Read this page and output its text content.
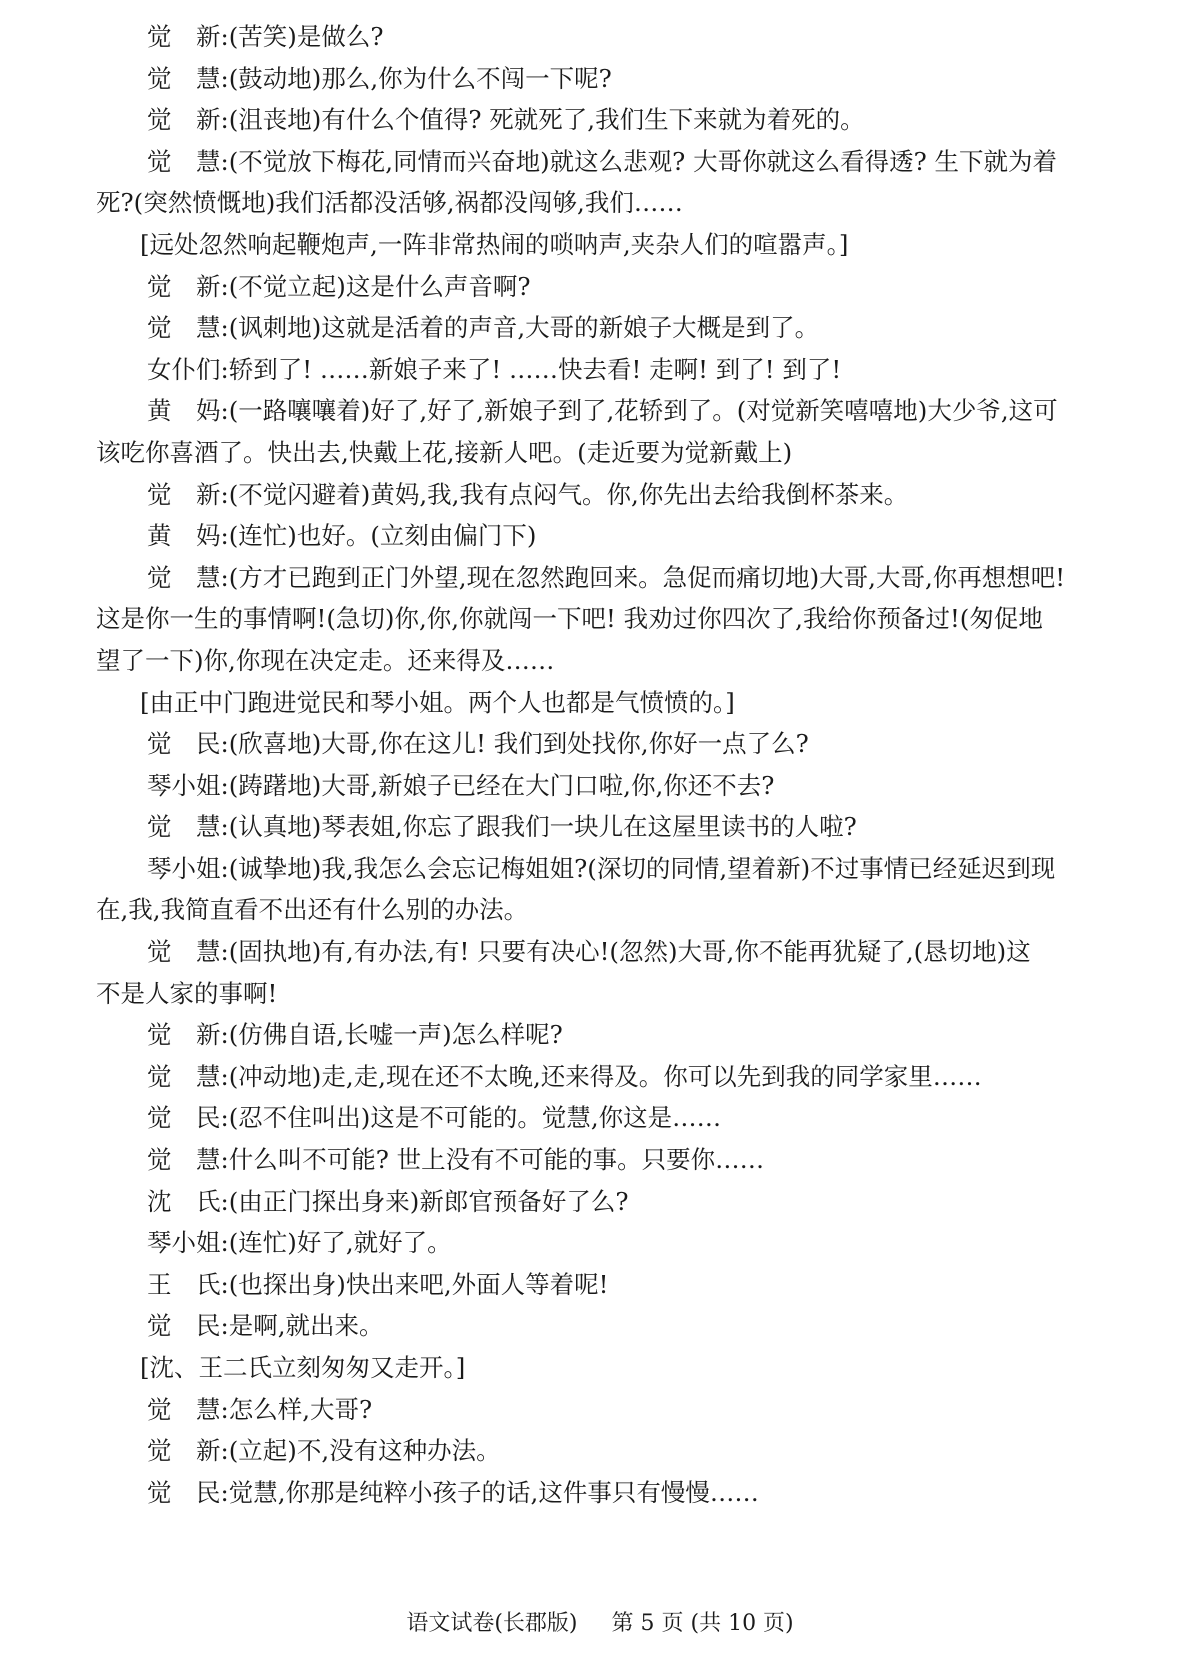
觉　新:(苦笑)是做么?
觉　慧:(鼓动地)那么,你为什么不闯一下呢?
觉　新:(沮丧地)有什么个值得? 死就死了,我们生下来就为着死的。
觉　慧:(不觉放下梅花,同情而兴奋地)就这么悲观? 大哥你就这么看得透? 生下就为着
死?(突然愤慨地)我们活都没活够,祸都没闯够,我们……
[远处忽然响起鞭炮声,一阵非常热闹的唢呐声,夹杂人们的喧嚣声。]
觉　新:(不觉立起)这是什么声音啊?
觉　慧:(讽刺地)这就是活着的声音,大哥的新娘子大概是到了。
女仆们:轿到了! ……新娘子来了! ……快去看! 走啊! 到了! 到了!
黄　妈:(一路嚷嚷着)好了,好了,新娘子到了,花轿到了。(对觉新笑嘻嘻地)大少爷,这可
该吃你喜酒了。快出去,快戴上花,接新人吧。(走近要为觉新戴上)
觉　新:(不觉闪避着)黄妈,我,我有点闷气。你,你先出去给我倒杯茶来。
黄　妈:(连忙)也好。(立刻由偏门下)
觉　慧:(方才已跑到正门外望,现在忽然跑回来。急促而痛切地)大哥,大哥,你再想想吧!
这是你一生的事情啊!(急切)你,你,你就闯一下吧! 我劝过你四次了,我给你预备过!(匆促地
望了一下)你,你现在决定走。还来得及……
[由正中门跑进觉民和琴小姐。两个人也都是气愤愤的。]
觉　民:(欣喜地)大哥,你在这儿! 我们到处找你,你好一点了么?
琴小姐:(踌躇地)大哥,新娘子已经在大门口啦,你,你还不去?
觉　慧:(认真地)琴表姐,你忘了跟我们一块儿在这屋里读书的人啦?
琴小姐:(诚挚地)我,我怎么会忘记梅姐姐?(深切的同情,望着新)不过事情已经延迟到现
在,我,我简直看不出还有什么别的办法。
觉　慧:(固执地)有,有办法,有! 只要有决心!(忽然)大哥,你不能再犹疑了,(恳切地)这
不是人家的事啊!
觉　新:(仿佛自语,长嘘一声)怎么样呢?
觉　慧:(冲动地)走,走,现在还不太晚,还来得及。你可以先到我的同学家里……
觉　民:(忍不住叫出)这是不可能的。觉慧,你这是……
觉　慧:什么叫不可能? 世上没有不可能的事。只要你……
沈　氏:(由正门探出身来)新郎官预备好了么?
琴小姐:(连忙)好了,就好了。
王　氏:(也探出身)快出来吧,外面人等着呢!
觉　民:是啊,就出来。
[沈、王二氏立刻匆匆又走开。]
觉　慧:怎么样,大哥?
觉　新:(立起)不,没有这种办法。
觉　民:觉慧,你那是纯粹小孩子的话,这件事只有慢慢……
语文试卷(长郡版) 第 5 页 (共 10 页)
